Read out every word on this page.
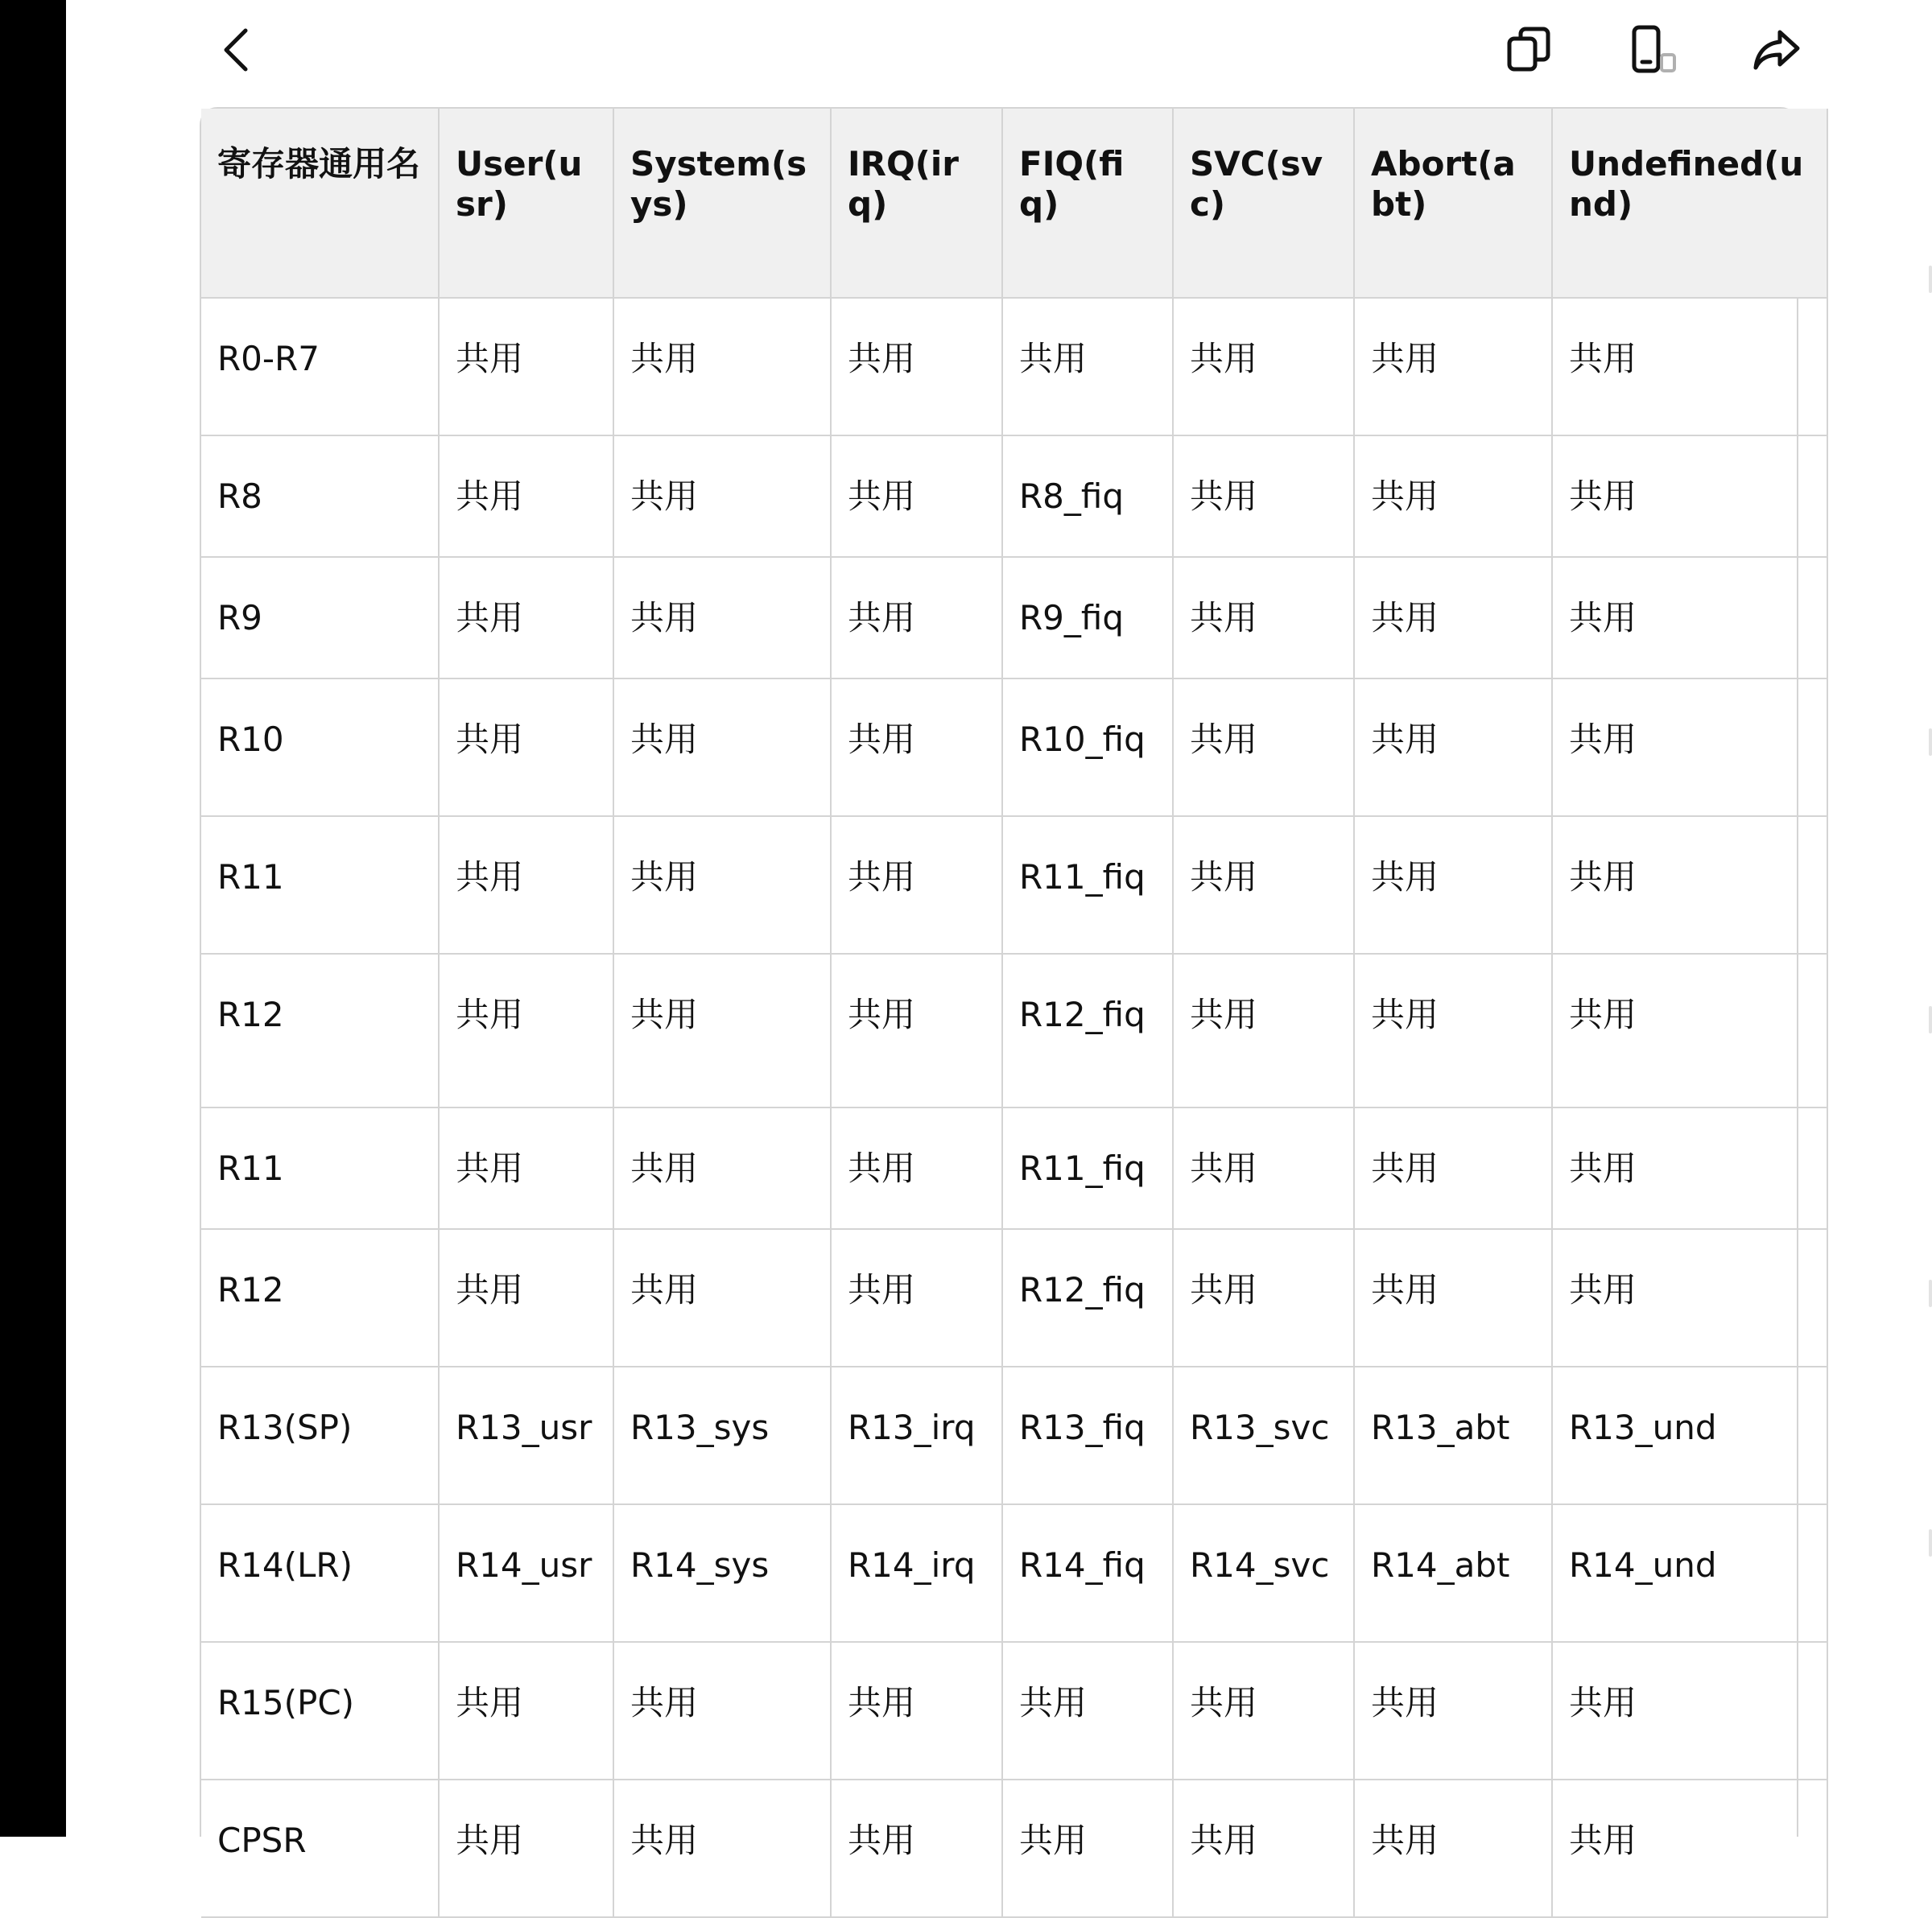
寄存器通用名	User(usr)	System(sys)	IRQ(irq)	FIQ(fiq)	SVC(svc)	Abort(abt)	Undefined(und)
R0-R7	共用	共用	共用	共用	共用	共用	共用
R8	共用	共用	共用	R8_fiq	共用	共用	共用
R9	共用	共用	共用	R9_fiq	共用	共用	共用
R10	共用	共用	共用	R10_fiq	共用	共用	共用
R11	共用	共用	共用	R11_fiq	共用	共用	共用
R12	共用	共用	共用	R12_fiq	共用	共用	共用
R11	共用	共用	共用	R11_fiq	共用	共用	共用
R12	共用	共用	共用	R12_fiq	共用	共用	共用
R13(SP)	R13_usr	R13_sys	R13_irq	R13_fiq	R13_svc	R13_abt	R13_und
R14(LR)	R14_usr	R14_sys	R14_irq	R14_fiq	R14_svc	R14_abt	R14_und
R15(PC)	共用	共用	共用	共用	共用	共用	共用
CPSR	共用	共用	共用	共用	共用	共用	共用
